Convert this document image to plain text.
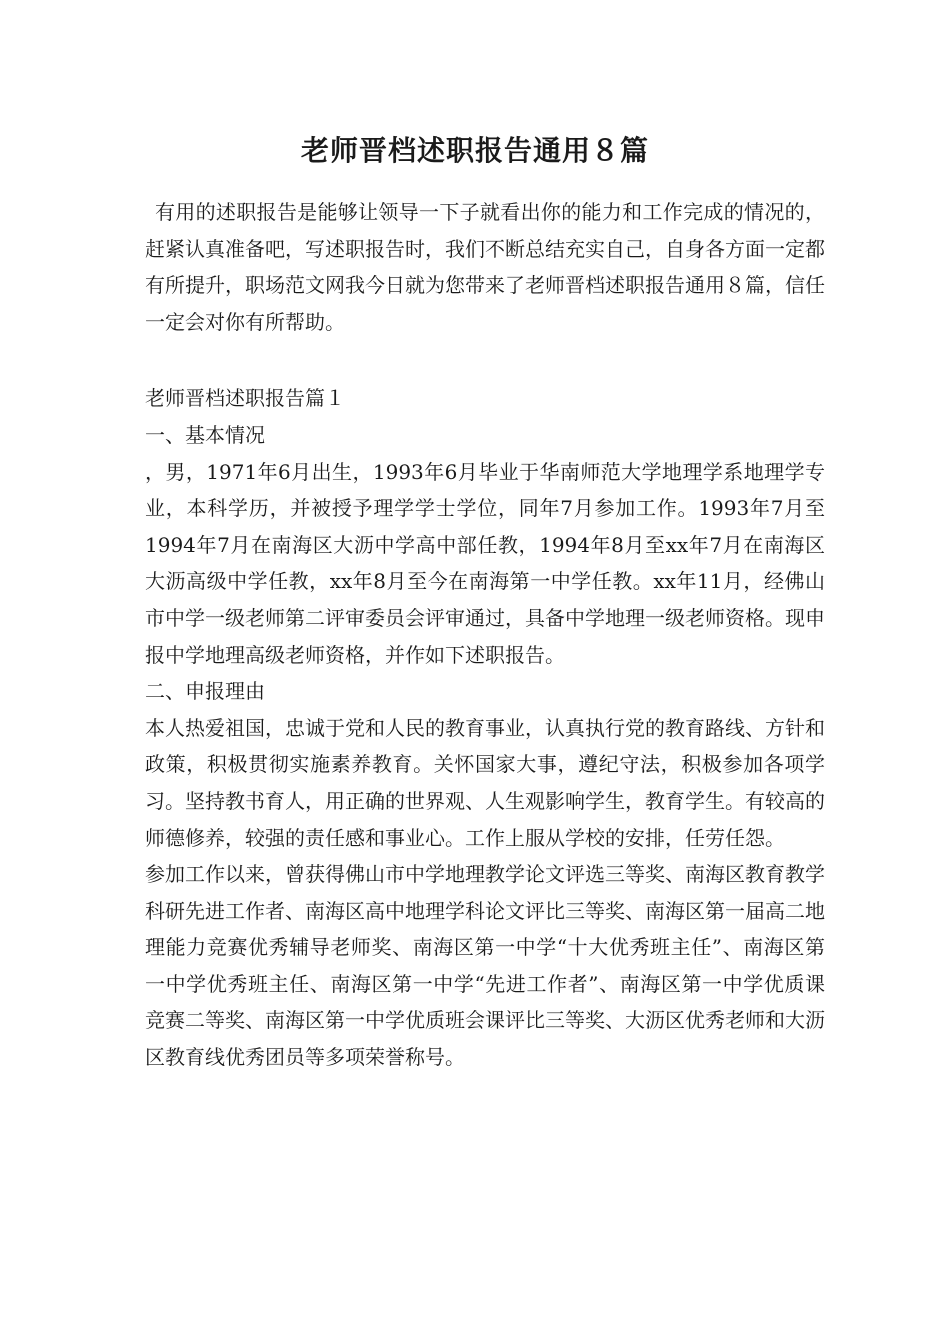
老师晋档述职报告通用８篇

有用的述职报告是能够让领导一下子就看出你的能力和工作完成的情况的，赶紧认真准备吧，写述职报告时，我们不断总结充实自己，自身各方面一定都有所提升，职场范文网我今日就为您带来了老师晋档述职报告通用８篇，信任一定会对你有所帮助。

老师晋档述职报告篇１

一、基本情况

，男，1971年6月出生，1993年6月毕业于华南师范大学地理学系地理学专业，本科学历，并被授予理学学士学位，同年7月参加工作。1993年7月至1994年7月在南海区大沥中学高中部任教，1994年8月至xx年7月在南海区大沥高级中学任教，xx年8月至今在南海第一中学任教。xx年11月，经佛山市中学一级老师第二评审委员会评审通过，具备中学地理一级老师资格。现申报中学地理高级老师资格，并作如下述职报告。

二、申报理由

本人热爱祖国，忠诚于党和人民的教育事业，认真执行党的教育路线、方针和政策，积极贯彻实施素养教育。关怀国家大事，遵纪守法，积极参加各项学习。坚持教书育人，用正确的世界观、人生观影响学生，教育学生。有较高的师德修养，较强的责任感和事业心。工作上服从学校的安排，任劳任怨。

参加工作以来，曾获得佛山市中学地理教学论文评选三等奖、南海区教育教学科研先进工作者、南海区高中地理学科论文评比三等奖、南海区第一届高二地理能力竞赛优秀辅导老师奖、南海区第一中学“十大优秀班主任”、南海区第一中学优秀班主任、南海区第一中学“先进工作者”、南海区第一中学优质课竞赛二等奖、南海区第一中学优质班会课评比三等奖、大沥区优秀老师和大沥区教育线优秀团员等多项荣誉称号。
